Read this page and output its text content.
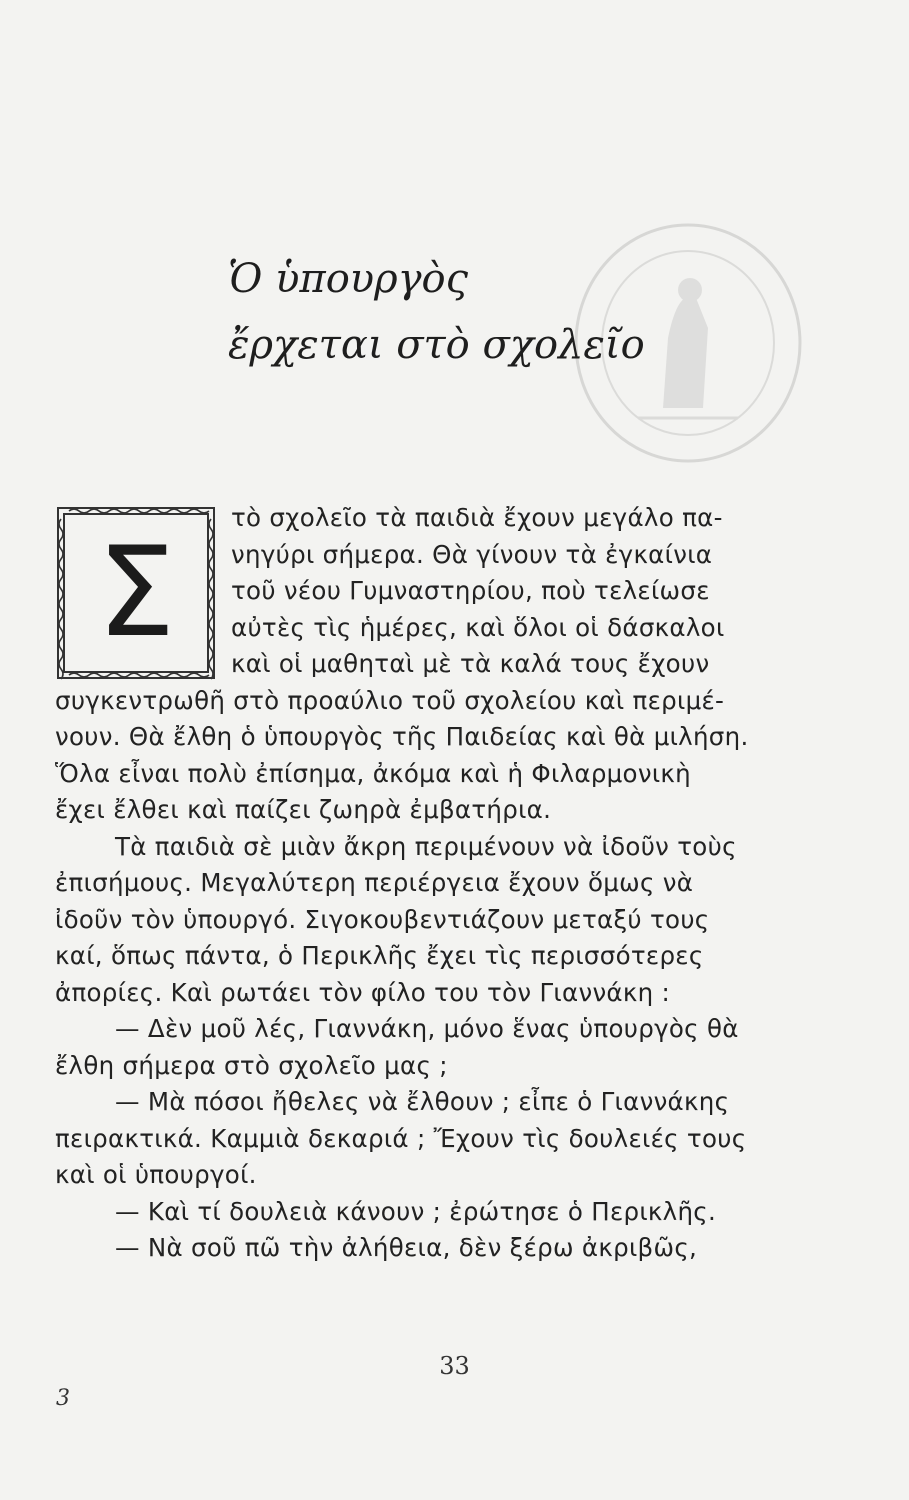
Ὁ ὑπουργὸς
ἔρχεται στὸ σχολεῖο
Σ
τὸ σχολεῖο τὰ παιδιὰ ἔχουν μεγάλο πα-
νηγύρι σήμερα. Θὰ γίνουν τὰ ἐγκαίνια
τοῦ νέου Γυμναστηρίου, ποὺ τελείωσε
αὐτὲς τὶς ἡμέρες, καὶ ὅλοι οἱ δάσκαλοι
καὶ οἱ μαθηταὶ μὲ τὰ καλά τους ἔχουν
συγκεντρωθῆ στὸ προαύλιο τοῦ σχολείου καὶ περιμέ-
νουν. Θὰ ἔλθη ὁ ὑπουργὸς τῆς Παιδείας καὶ θὰ μιλήση.
Ὅλα εἶναι πολὺ ἐπίσημα, ἀκόμα καὶ ἡ Φιλαρμονικὴ
ἔχει ἔλθει καὶ παίζει ζωηρὰ ἐμβατήρια.
Τὰ παιδιὰ σὲ μιὰν ἄκρη περιμένουν νὰ ἰδοῦν τοὺς
ἐπισήμους. Μεγαλύτερη περιέργεια ἔχουν ὅμως νὰ
ἰδοῦν τὸν ὑπουργό. Σιγοκουβεντιάζουν μεταξύ τους
καί, ὅπως πάντα, ὁ Περικλῆς ἔχει τὶς περισσότερες
ἀπορίες. Καὶ ρωτάει τὸν φίλο του τὸν Γιαννάκη :
— Δὲν μοῦ λές, Γιαννάκη, μόνο ἕνας ὑπουργὸς θὰ
ἔλθη σήμερα στὸ σχολεῖο μας ;
— Μὰ πόσοι ἤθελες νὰ ἔλθουν ; εἶπε ὁ Γιαννάκης
πειρακτικά. Καμμιὰ δεκαριά ; Ἔχουν τὶς δουλειές τους
καὶ οἱ ὑπουργοί.
— Καὶ τί δουλειὰ κάνουν ; ἐρώτησε ὁ Περικλῆς.
— Νὰ σοῦ πῶ τὴν ἀλήθεια, δὲν ξέρω ἀκριβῶς,
33
3
